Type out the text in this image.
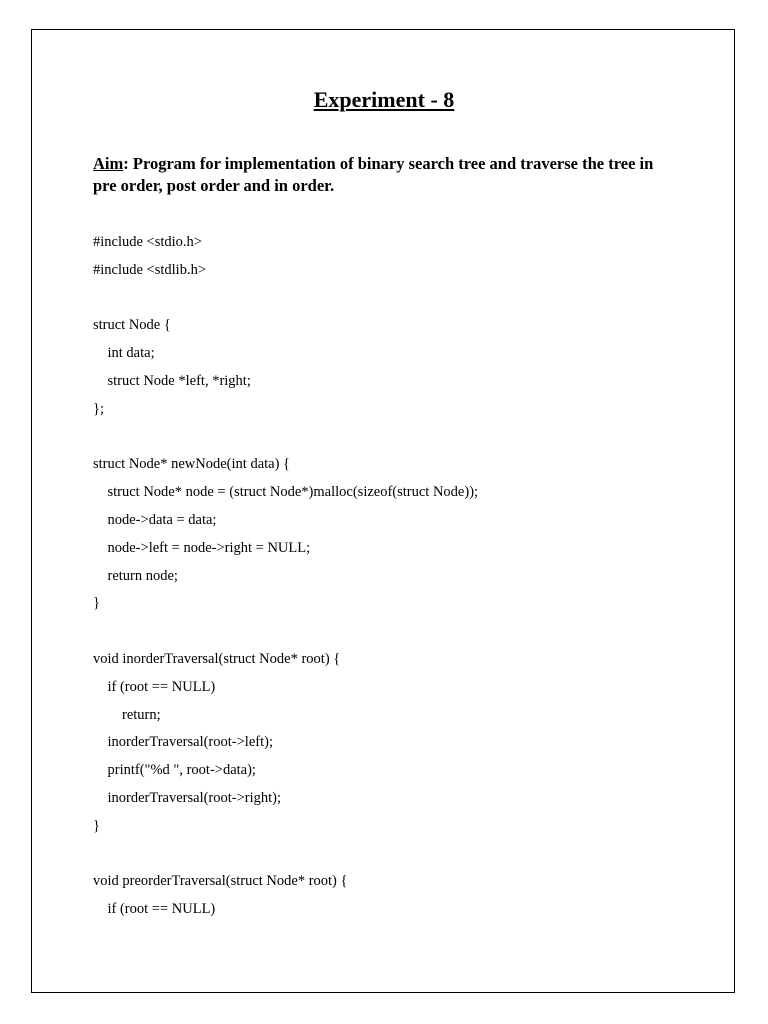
Experiment - 8

Aim: Program for implementation of binary search tree and traverse the tree in pre order, post order and in order.

#include <stdio.h>
#include <stdlib.h>
struct Node {
int data;
struct Node *left, *right;
};
struct Node* newNode(int data) {
struct Node* node = (struct Node*)malloc(sizeof(struct Node));
node->data = data;
node->left = node->right = NULL;
return node;
}
void inorderTraversal(struct Node* root) {
if (root == NULL)
return;
inorderTraversal(root->left);
printf("%d ", root->data);
inorderTraversal(root->right);
}
void preorderTraversal(struct Node* root) {
if (root == NULL)
